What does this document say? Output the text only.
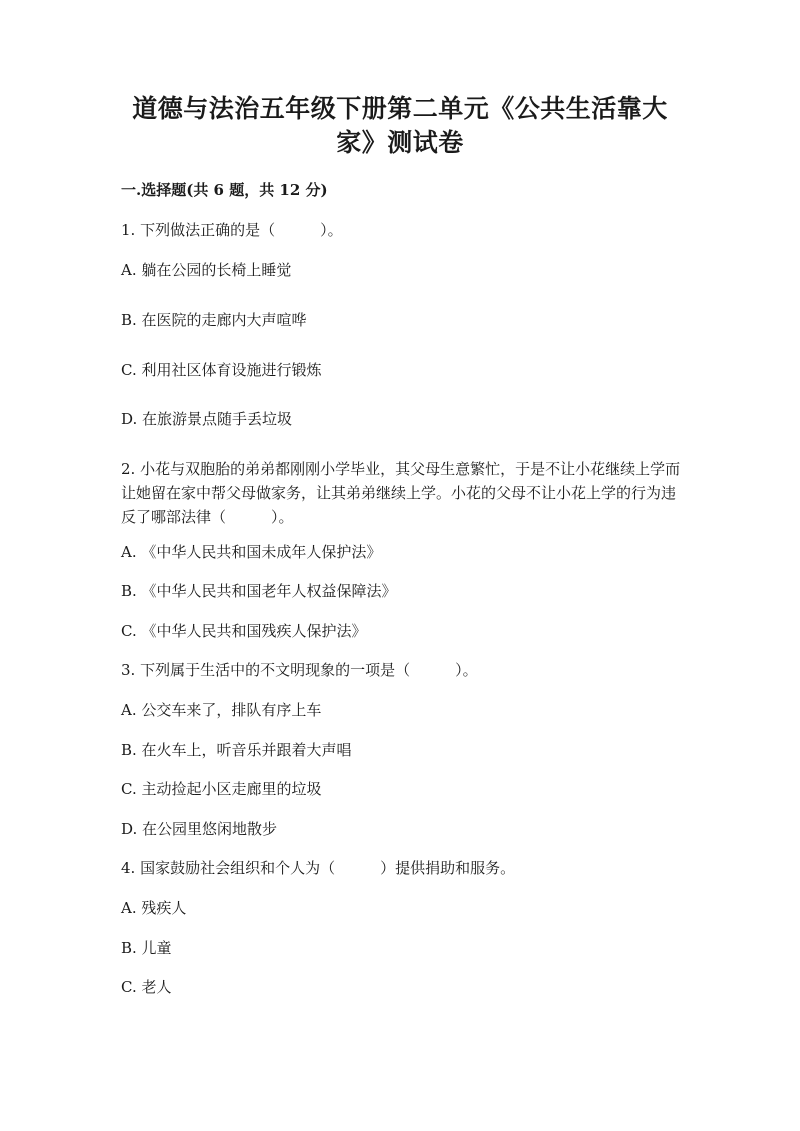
道德与法治五年级下册第二单元《公共生活靠大
家》测试卷
一.选择题(共 6 题，共 12 分)
1. 下列做法正确的是（　　　）。
A. 躺在公园的长椅上睡觉
B. 在医院的走廊内大声喧哗
C. 利用社区体育设施进行锻炼
D. 在旅游景点随手丢垃圾
2. 小花与双胞胎的弟弟都刚刚小学毕业，其父母生意繁忙，于是不让小花继续上学而让她留在家中帮父母做家务，让其弟弟继续上学。小花的父母不让小花上学的行为违反了哪部法律（　　　）。
A. 《中华人民共和国未成年人保护法》
B. 《中华人民共和国老年人权益保障法》
C. 《中华人民共和国残疾人保护法》
3. 下列属于生活中的不文明现象的一项是（　　　）。
A. 公交车来了，排队有序上车
B. 在火车上，听音乐并跟着大声唱
C. 主动捡起小区走廊里的垃圾
D. 在公园里悠闲地散步
4. 国家鼓励社会组织和个人为（　　　）提供捐助和服务。
A. 残疾人
B. 儿童
C. 老人
